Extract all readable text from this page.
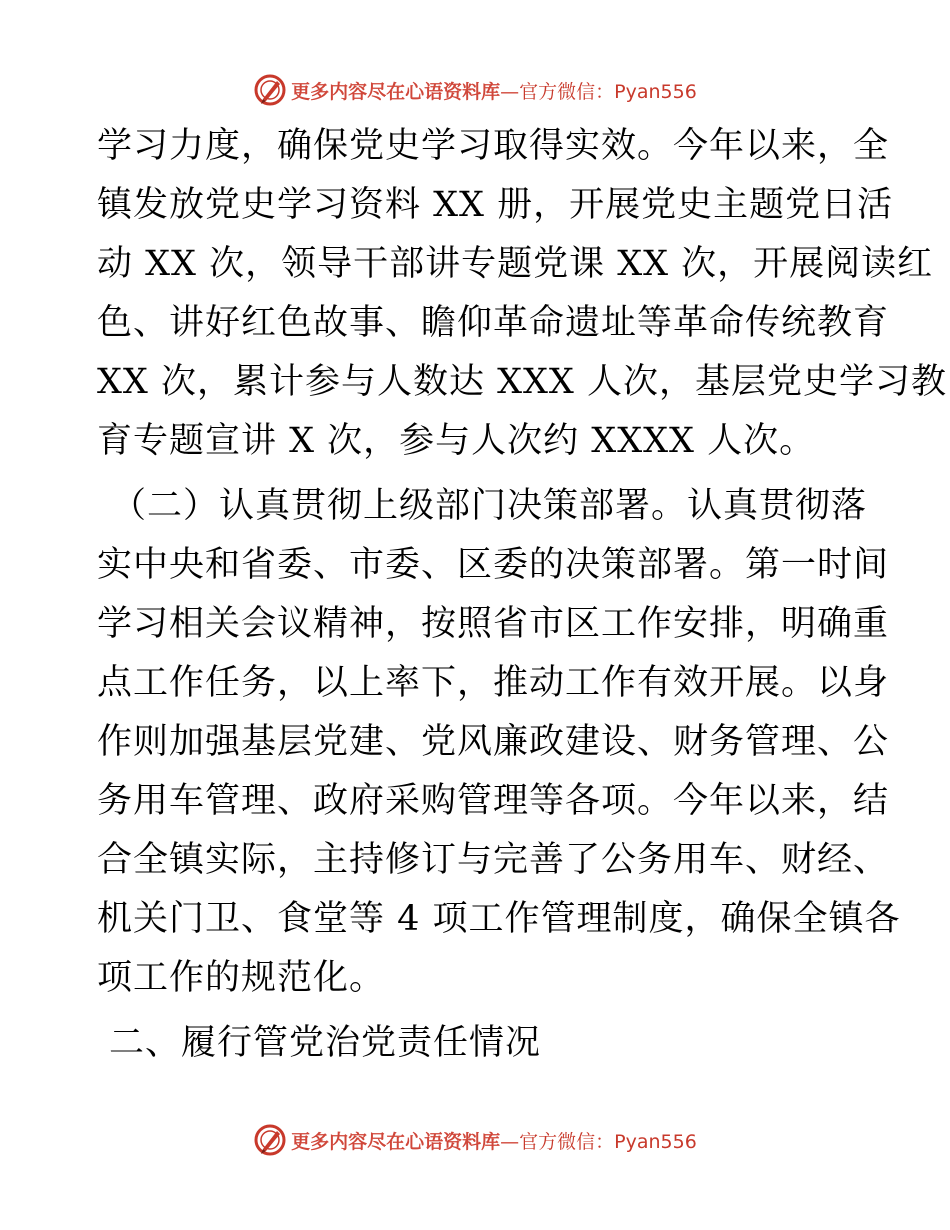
更多内容尽在心语资料库—官方微信：Pyan556
学习力度，确保党史学习取得实效。今年以来，全
镇发放党史学习资料 XX 册，开展党史主题党日活
动 XX 次，领导干部讲专题党课 XX 次，开展阅读红
色、讲好红色故事、瞻仰革命遗址等革命传统教育
XX 次，累计参与人数达 XXX 人次，基层党史学习教
育专题宣讲 X 次，参与人次约 XXXX 人次。
（二）认真贯彻上级部门决策部署。认真贯彻落
实中央和省委、市委、区委的决策部署。第一时间
学习相关会议精神，按照省市区工作安排，明确重
点工作任务，以上率下，推动工作有效开展。以身
作则加强基层党建、党风廉政建设、财务管理、公
务用车管理、政府采购管理等各项。今年以来，结
合全镇实际，主持修订与完善了公务用车、财经、
机关门卫、食堂等 4 项工作管理制度，确保全镇各
项工作的规范化。
二、履行管党治党责任情况
更多内容尽在心语资料库—官方微信：Pyan556
